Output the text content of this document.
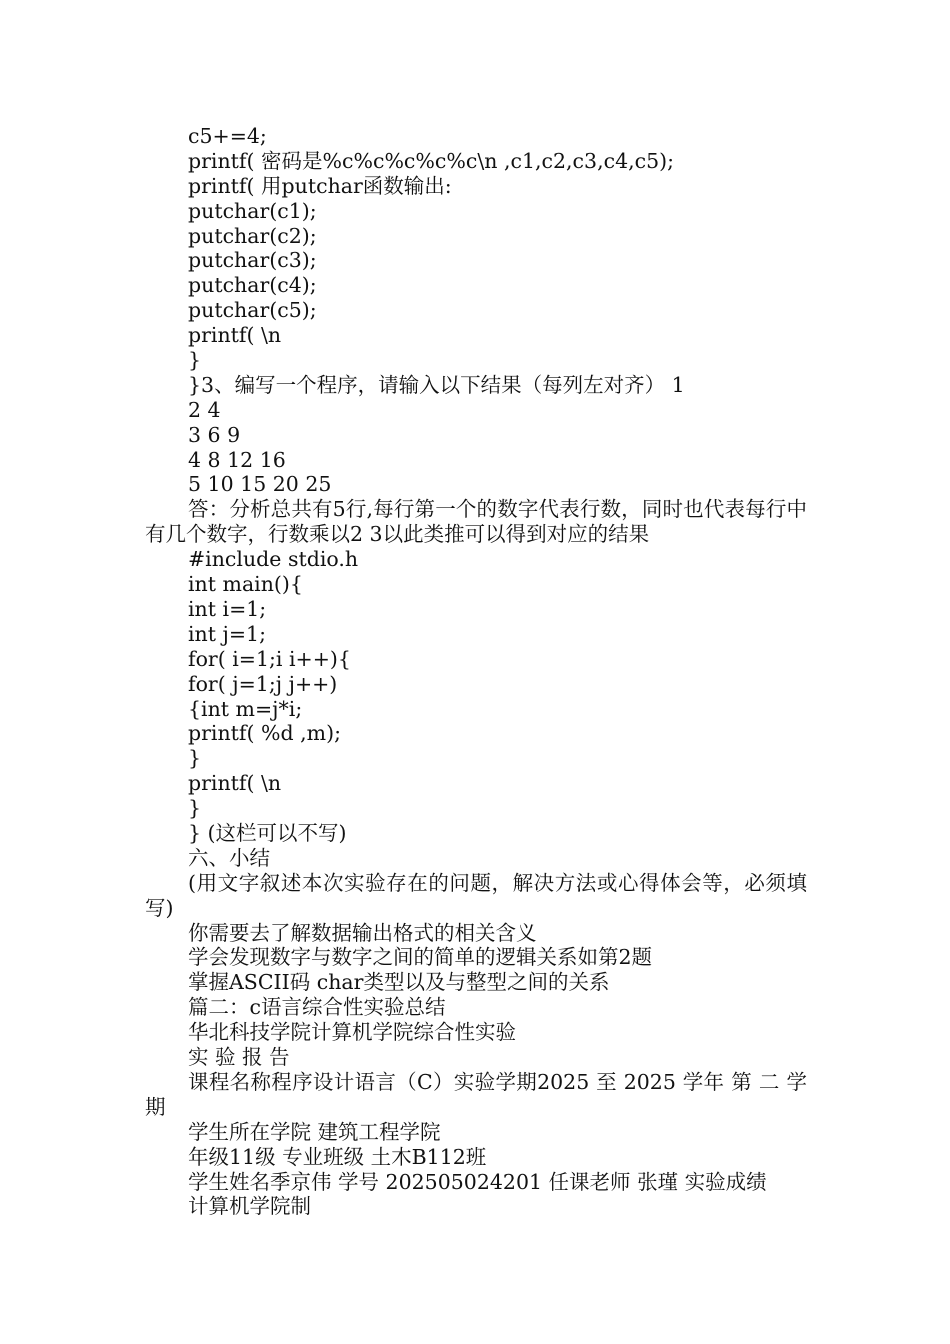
c5+=4;
printf( 密码是%c%c%c%c%c\n ,c1,c2,c3,c4,c5);
printf( 用putchar函数输出:
putchar(c1);
putchar(c2);
putchar(c3);
putchar(c4);
putchar(c5);
printf( \n
}
}3、编写一个程序，请输入以下结果（每列左对齐） 1
2 4
3 6 9
4 8 12 16
5 10 15 20 25
答：分析总共有5行,每行第一个的数字代表行数，同时也代表每行中有几个数字，行数乘以2 3以此类推可以得到对应的结果
#include stdio.h
int main(){
int i=1;
int j=1;
for( i=1;i i++){
for( j=1;j j++)
{int m=j*i;
printf( %d ,m);
}
printf( \n
}
} (这栏可以不写)
六、小结
(用文字叙述本次实验存在的问题，解决方法或心得体会等，必须填写)
你需要去了解数据输出格式的相关含义
学会发现数字与数字之间的简单的逻辑关系如第2题
掌握ASCII码 char类型以及与整型之间的关系
篇二：c语言综合性实验总结
华北科技学院计算机学院综合性实验
实 验 报 告
课程名称程序设计语言（C）实验学期2025 至 2025 学年 第 二 学期
学生所在学院 建筑工程学院
年级11级 专业班级 土木B112班
学生姓名季京伟 学号 202505024201 任课老师 张瑾 实验成绩
计算机学院制
